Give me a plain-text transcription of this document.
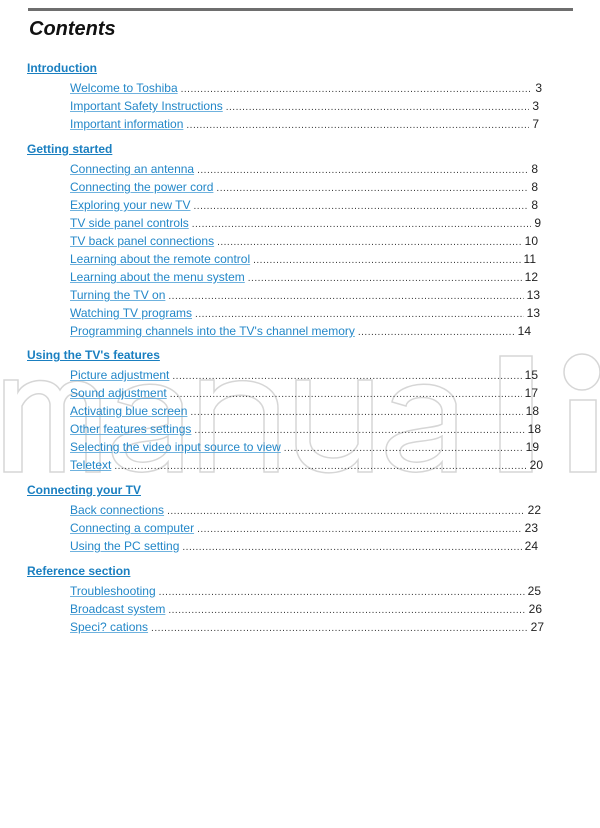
Contents
Introduction
Welcome to Toshiba .....	3
Important Safety Instructions .....	3
Important information .....	7
Getting started
Connecting an antenna .....	8
Connecting the power cord .....	8
Exploring your new TV .....	8
TV side panel controls .....	9
TV back panel connections .....	10
Learning about the remote control .....	11
Learning about the menu system .....	12
Turning the TV on .....	13
Watching TV programs .....	13
Programming channels into the TV's channel memory .....	14
Using the TV's features
Picture adjustment .....	15
Sound adjustment .....	17
Activating blue screen .....	18
Other features settings .....	18
Selecting the video input source to view .....	19
Teletext .....	20
Connecting your TV
Back connections .....	22
Connecting a computer .....	23
Using the PC setting .....	24
Reference section
Troubleshooting .....	25
Broadcast system .....	26
Speci? cations .....	27
